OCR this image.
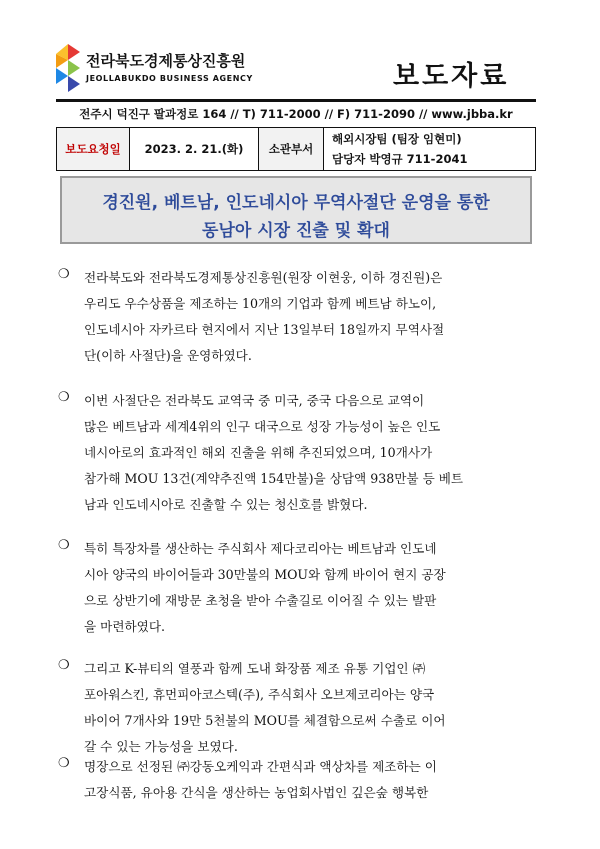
전라북도경제통상진흥원
JEOLLABUKDO BUSINESS AGENCY	보도자료
전주시 덕진구 팔과정로 164 // T) 711-2000 // F) 711-2090 // www.jbba.kr
보도요청일	2023. 2. 21.(화)	소관부서	
해외시장팀 (팀장 임현미)
담당자 박영규 711-2041
경진원, 베트남, 인도네시아 무역사절단 운영을 통한
동남아 시장 진출 및 확대
❍ 전라북도와 전라북도경제통상진흥원(원장 이현웅, 이하 경진원)은
우리도 우수상품을 제조하는 10개의 기업과 함께 베트남 하노이,
인도네시아 자카르타 현지에서 지난 13일부터 18일까지 무역사절
단(이하 사절단)을 운영하였다.
❍ 이번 사절단은 전라북도 교역국 중 미국, 중국 다음으로 교역이
많은 베트남과 세계4위의 인구 대국으로 성장 가능성이 높은 인도
네시아로의 효과적인 해외 진출을 위해 추진되었으며, 10개사가
참가해 MOU 13건(계약추진액 154만불)을 상담액 938만불 등 베트
남과 인도네시아로 진출할 수 있는 청신호를 밝혔다.
❍ 특히 특장차를 생산하는 주식회사 제다코리아는 베트남과 인도네
시아 양국의 바이어들과 30만불의 MOU와 함께 바이어 현지 공장
으로 상반기에 재방문 초청을 받아 수출길로 이어질 수 있는 발판
을 마련하였다.
❍ 그리고 K-뷰티의 열풍과 함께 도내 화장품 제조 유통 기업인 ㈜
포아워스킨, 휴먼피아코스텍(주), 주식회사 오브제코리아는 양국
바이어 7개사와 19만 5천불의 MOU를 체결함으로써 수출로 이어
갈 수 있는 가능성을 보였다.
❍ 명장으로 선정된 ㈜강동오케익과 간편식과 액상차를 제조하는 이
고장식품, 유아용 간식을 생산하는 농업회사법인 깊은숲 행복한
